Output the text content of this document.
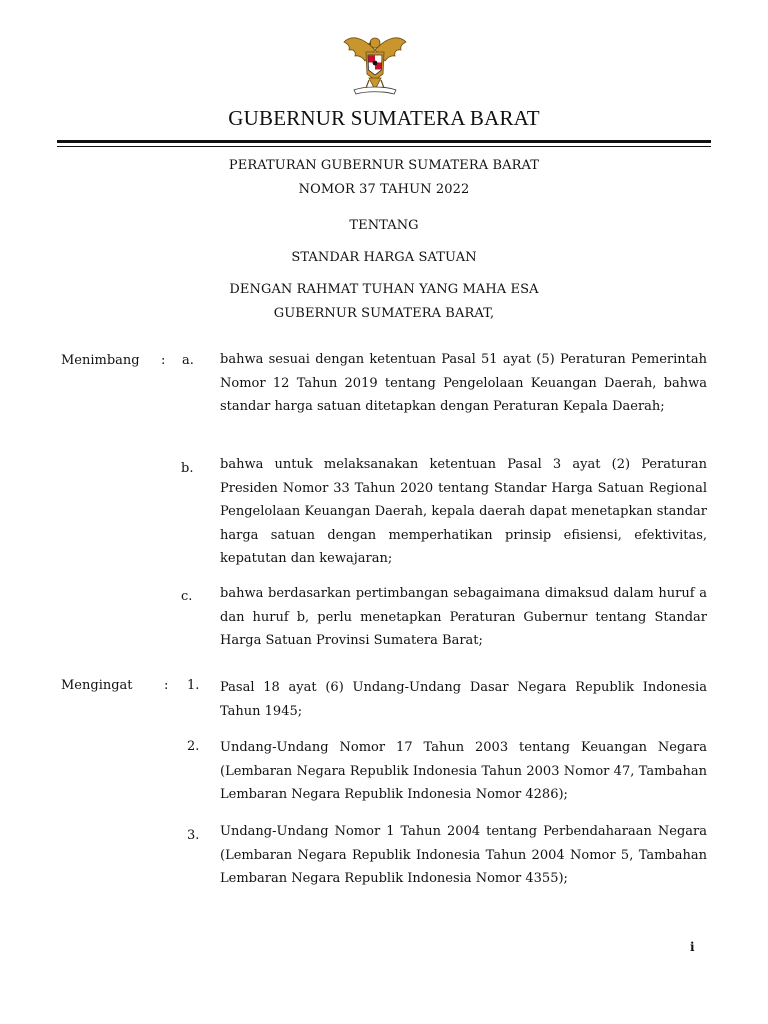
GUBERNUR SUMATERA BARAT
PERATURAN GUBERNUR SUMATERA BARAT
NOMOR 37 TAHUN 2022
TENTANG
STANDAR HARGA SATUAN
DENGAN RAHMAT TUHAN YANG MAHA ESA
GUBERNUR SUMATERA BARAT,
Menimbang : a. bahwa sesuai dengan ketentuan Pasal 51 ayat (5) Peraturan Pemerintah Nomor 12 Tahun 2019 tentang Pengelolaan Keuangan Daerah, bahwa standar harga satuan ditetapkan dengan Peraturan Kepala Daerah;
b. bahwa untuk melaksanakan ketentuan Pasal 3 ayat (2) Peraturan Presiden Nomor 33 Tahun 2020 tentang Standar Harga Satuan Regional Pengelolaan Keuangan Daerah, kepala daerah dapat menetapkan standar harga satuan dengan memperhatikan prinsip efisiensi, efektivitas, kepatutan dan kewajaran;
c. bahwa berdasarkan pertimbangan sebagaimana dimaksud dalam huruf a dan huruf b, perlu menetapkan Peraturan Gubernur tentang Standar Harga Satuan Provinsi Sumatera Barat;
Mengingat : 1. Pasal 18 ayat (6) Undang-Undang Dasar Negara Republik Indonesia Tahun 1945;
2. Undang-Undang Nomor 17 Tahun 2003 tentang Keuangan Negara (Lembaran Negara Republik Indonesia Tahun 2003 Nomor 47, Tambahan Lembaran Negara Republik Indonesia Nomor 4286);
3. Undang-Undang Nomor 1 Tahun 2004 tentang Perbendaharaan Negara (Lembaran Negara Republik Indonesia Tahun 2004 Nomor 5, Tambahan Lembaran Negara Republik Indonesia Nomor 4355);
i
